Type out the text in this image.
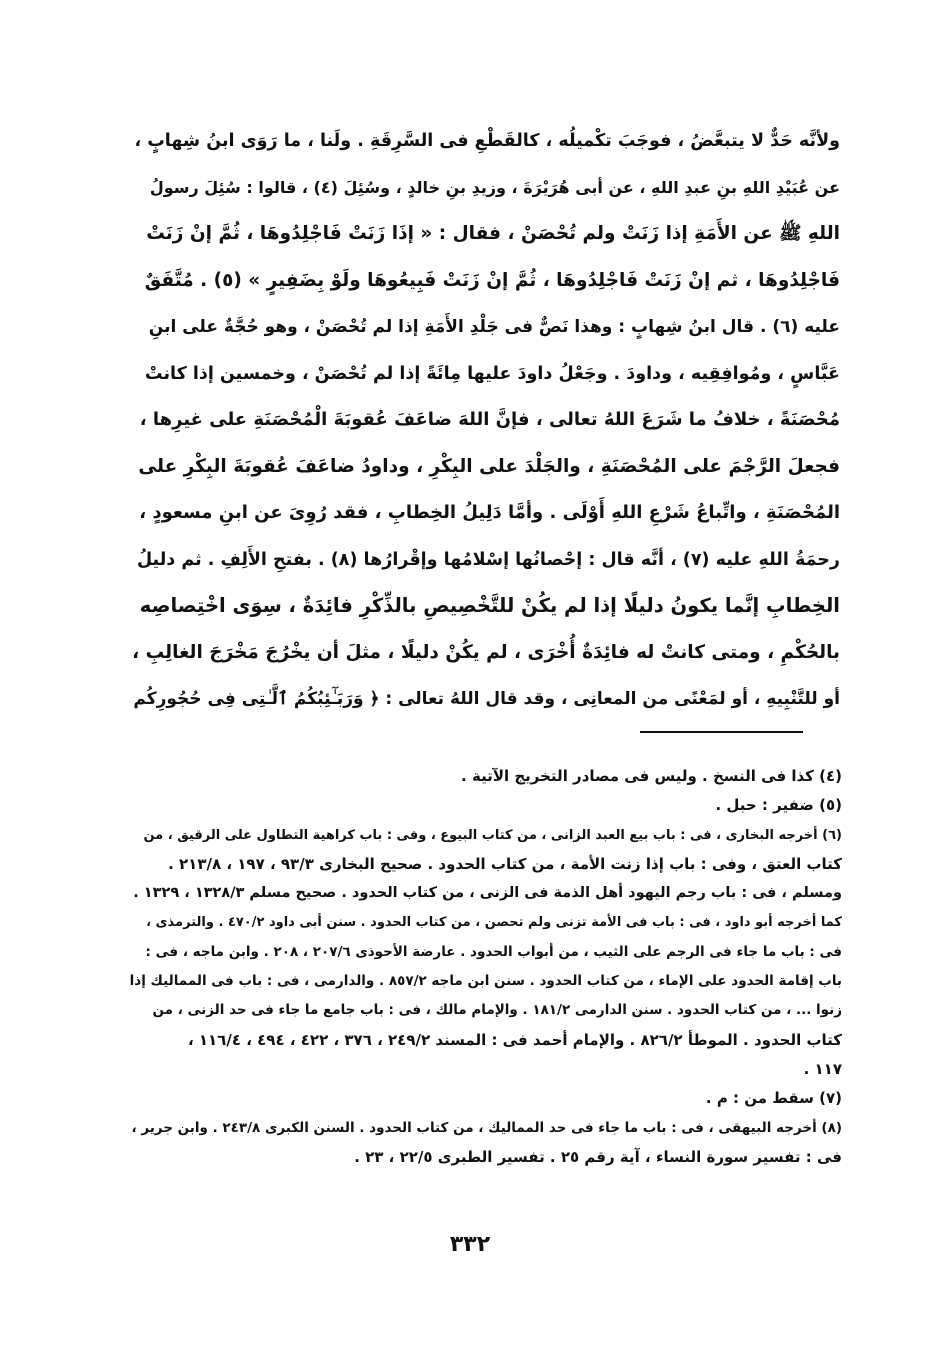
ولأنَّه حَدٌّ لا يتبعَّضُ ، فوجَبَ تكْميلُه ، كالقَطْعِ فى السَّرِقَةِ . ولَنا ، ما رَوَى ابنُ شِهابٍ ،
عن عُبَيْدِ اللهِ بنِ عبدِ اللهِ ، عن أبى هُرَيْرَةَ ، وزيدِ بنِ خالدٍ ، وسُئِلَ (٤) ، قالوا : سُئِلَ رسولُ
اللهِ ﷺ عن الأَمَةِ إذا زَنَتْ ولم تُحْصَنْ ، فقال : « إذَا زَنَتْ فَاجْلِدُوهَا ، ثُمَّ إنْ زَنَتْ
فَاجْلِدُوهَا ، ثم إنْ زَنَتْ فَاجْلِدُوهَا ، ثُمَّ إنْ زَنَتْ فَبِيعُوهَا ولَوْ بِضَفِيرٍ » (٥) . مُتَّفَقٌ
عليه (٦) . قال ابنُ شِهابٍ : وهذا نَصٌّ فى جَلْدِ الأَمَةِ إذا لم تُحْصَنْ ، وهو حُجَّةٌ على ابنِ
عَبَّاسٍ ، ومُوافِقِيه ، وداودَ . وجَعْلُ داودَ عليها مِائَةً إذا لم تُحْصَنْ ، وخمسين إذا كانتْ
مُحْصَنَةً ، خلافُ ما شَرَعَ اللهُ تعالى ، فإنَّ اللهَ ضاعَفَ عُقوبَةَ الْمُحْصَنَةِ على غيرِها ،
فجعلَ الرَّجْمَ على المُحْصَنَةِ ، والجَلْدَ على البِكْرِ ، وداودُ ضاعَفَ عُقوبَةَ البِكْرِ على
المُحْصَنَةِ ، واتِّباعُ شَرْعِ اللهِ أَوْلَى . وأمَّا دَلِيلُ الخِطابِ ، فقد رُوِىَ عن ابنِ مسعودٍ ،
رحمَةُ اللهِ عليه (٧) ، أنَّه قال : إحْصانُها إسْلامُها وإقْرارُها (٨) . بفتحِ الأَلِفِ . ثم دليلُ
الخِطابِ إنَّما يكونُ دليلًا إذا لم يكُنْ للتَّخْصِيصِ بالذِّكْرِ فائِدَةٌ ، سِوَى اخْتِصاصِه
بالحُكْمِ ، ومتى كانتْ له فائِدَةٌ أُخْرَى ، لم يكُنْ دليلًا ، مثلَ أن يخْرُجَ مَخْرَجَ الغالِبِ ،
أو للتَّنْبِيهِ ، أو لمَعْنًى من المعانِى ، وقد قال اللهُ تعالى : ﴿ وَرَبَـٰٓئِبُكُمُ ٱلَّـٰتِى فِى حُجُورِكُم
(٤) كذا فى النسخ . وليس فى مصادر التخريج الآتية .
(٥) ضفير : حبل .
(٦) أخرجه البخارى ، فى : باب بيع العبد الزانى ، من كتاب البيوع ، وفى : باب كراهية التطاول على الرقيق ، من
كتاب العتق ، وفى : باب إذا زنت الأمة ، من كتاب الحدود . صحيح البخارى ٩٣/٣ ، ١٩٧ ، ٢١٣/٨ .
ومسلم ، فى : باب رجم اليهود أهل الذمة فى الزنى ، من كتاب الحدود . صحيح مسلم ١٣٢٨/٣ ، ١٣٢٩ .
كما أخرجه أبو داود ، فى : باب فى الأمة تزنى ولم تحصن ، من كتاب الحدود . سنن أبى داود ٤٧٠/٢ . والترمذى ،
فى : باب ما جاء فى الرجم على الثيب ، من أبواب الحدود . عارضة الأحوذى ٢٠٧/٦ ، ٢٠٨ . وابن ماجه ، فى :
باب إقامة الحدود على الإماء ، من كتاب الحدود . سنن ابن ماجه ٨٥٧/٢ . والدارمى ، فى : باب فى المماليك إذا
زنوا ... ، من كتاب الحدود . سنن الدارمى ١٨١/٢ . والإمام مالك ، فى : باب جامع ما جاء فى حد الزنى ، من
كتاب الحدود . الموطأ ٨٢٦/٢ . والإمام أحمد فى : المسند ٢٤٩/٢ ، ٣٧٦ ، ٤٢٢ ، ٤٩٤ ، ١١٦/٤ ،
١١٧ .
(٧) سقط من : م .
(٨) أخرجه البيهقى ، فى : باب ما جاء فى حد المماليك ، من كتاب الحدود . السنن الكبرى ٢٤٣/٨ . وابن جرير ،
فى : تفسير سورة النساء ، آية رقم ٢٥ . تفسير الطبرى ٢٢/٥ ، ٢٣ .
٣٣٢
